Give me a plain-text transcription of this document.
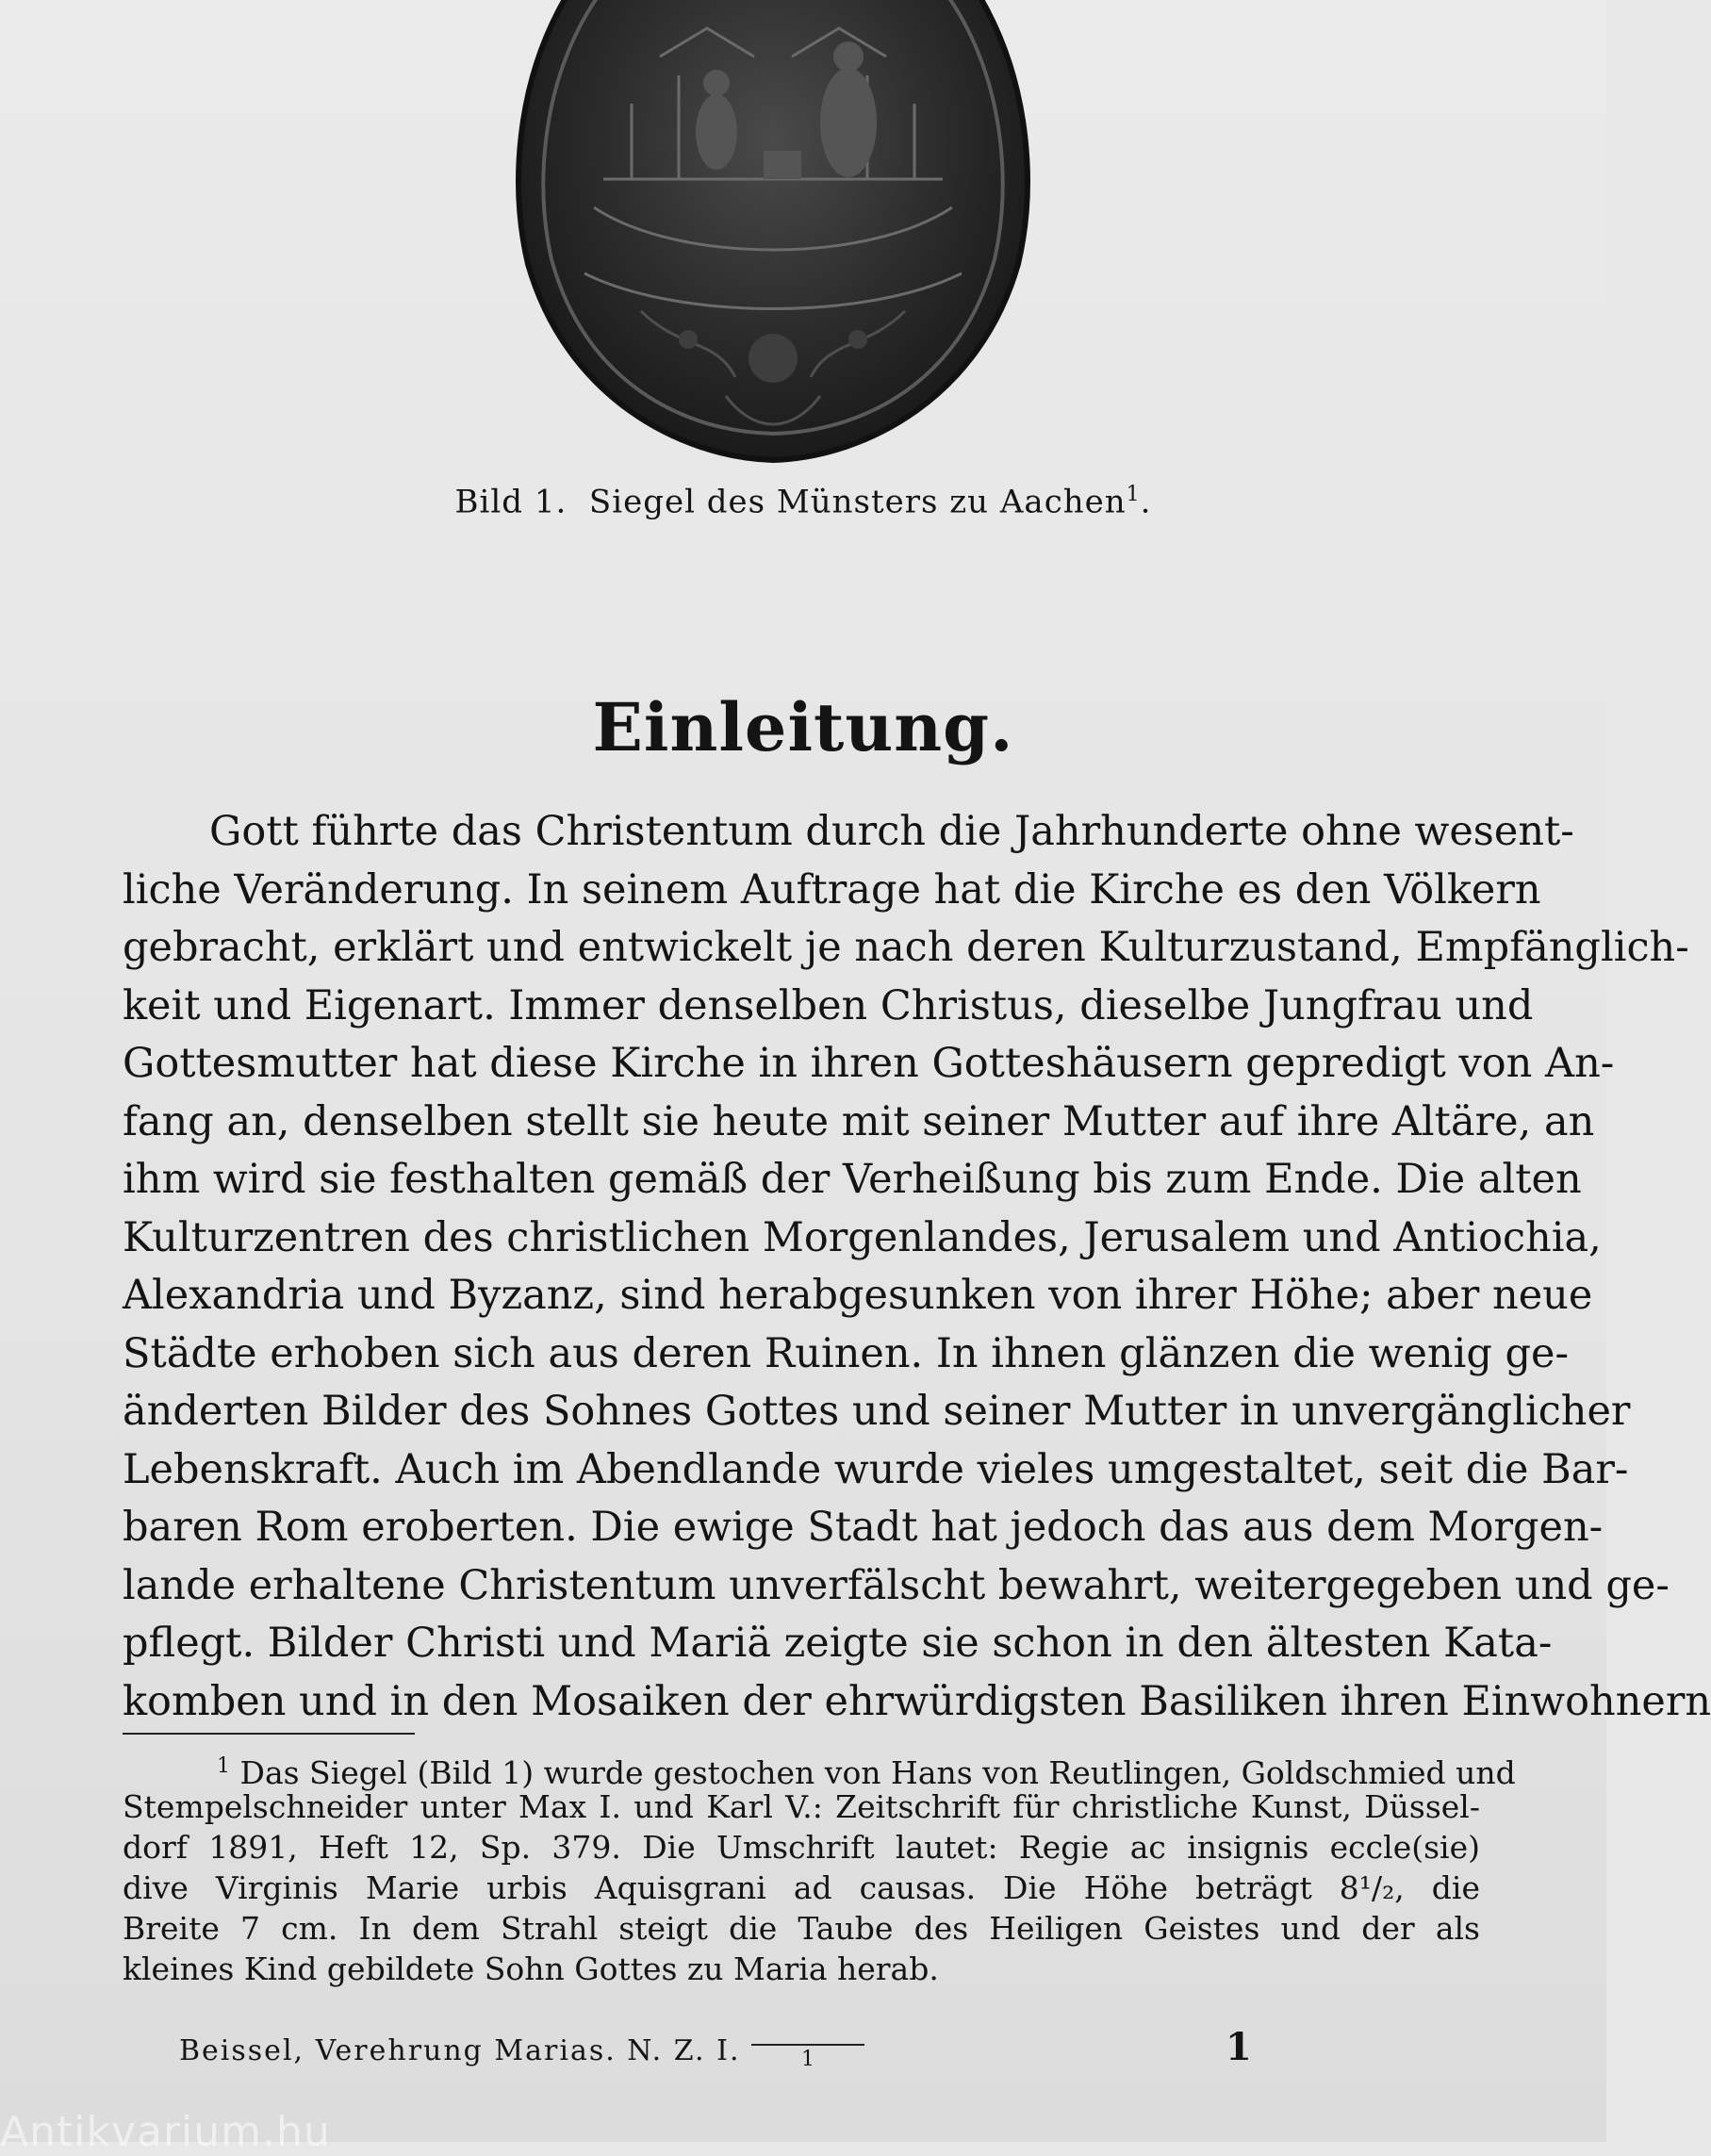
Bild 1. Siegel des Münsters zu Aachen$^1$.
Einleitung.
Gott führte das Christentum durch die Jahrhunderte ohne wesent-
liche Veränderung. In seinem Auftrage hat die Kirche es den Völkern
gebracht, erklärt und entwickelt je nach deren Kulturzustand, Empfänglich-
keit und Eigenart. Immer denselben Christus, dieselbe Jungfrau und
Gottesmutter hat diese Kirche in ihren Gotteshäusern gepredigt von An-
fang an, denselben stellt sie heute mit seiner Mutter auf ihre Altäre, an
ihm wird sie festhalten gemäß der Verheißung bis zum Ende. Die alten
Kulturzentren des christlichen Morgenlandes, Jerusalem und Antiochia,
Alexandria und Byzanz, sind herabgesunken von ihrer Höhe; aber neue
Städte erhoben sich aus deren Ruinen. In ihnen glänzen die wenig ge-
änderten Bilder des Sohnes Gottes und seiner Mutter in unvergänglicher
Lebenskraft. Auch im Abendlande wurde vieles umgestaltet, seit die Bar-
baren Rom eroberten. Die ewige Stadt hat jedoch das aus dem Morgen-
lande erhaltene Christentum unverfälscht bewahrt, weitergegeben und ge-
pflegt. Bilder Christi und Mariä zeigte sie schon in den ältesten Kata-
komben und in den Mosaiken der ehrwürdigsten Basiliken ihren Einwohnern
$^1$ Das Siegel (Bild 1) wurde gestochen von Hans von Reutlingen, Goldschmied und
Stempelschneider unter Max I. und Karl V.: Zeitschrift für christliche Kunst, Düssel-
dorf 1891, Heft 12, Sp. 379. Die Umschrift lautet: Regie ac insignis eccle(sie)
dive Virginis Marie urbis Aquisgrani ad causas. Die Höhe beträgt 8¹/₂, die
Breite 7 cm. In dem Strahl steigt die Taube des Heiligen Geistes und der als
kleines Kind gebildete Sohn Gottes zu Maria herab.
Beissel, Verehrung Marias. N. Z. I.	1	1
Antikvarium.hu
